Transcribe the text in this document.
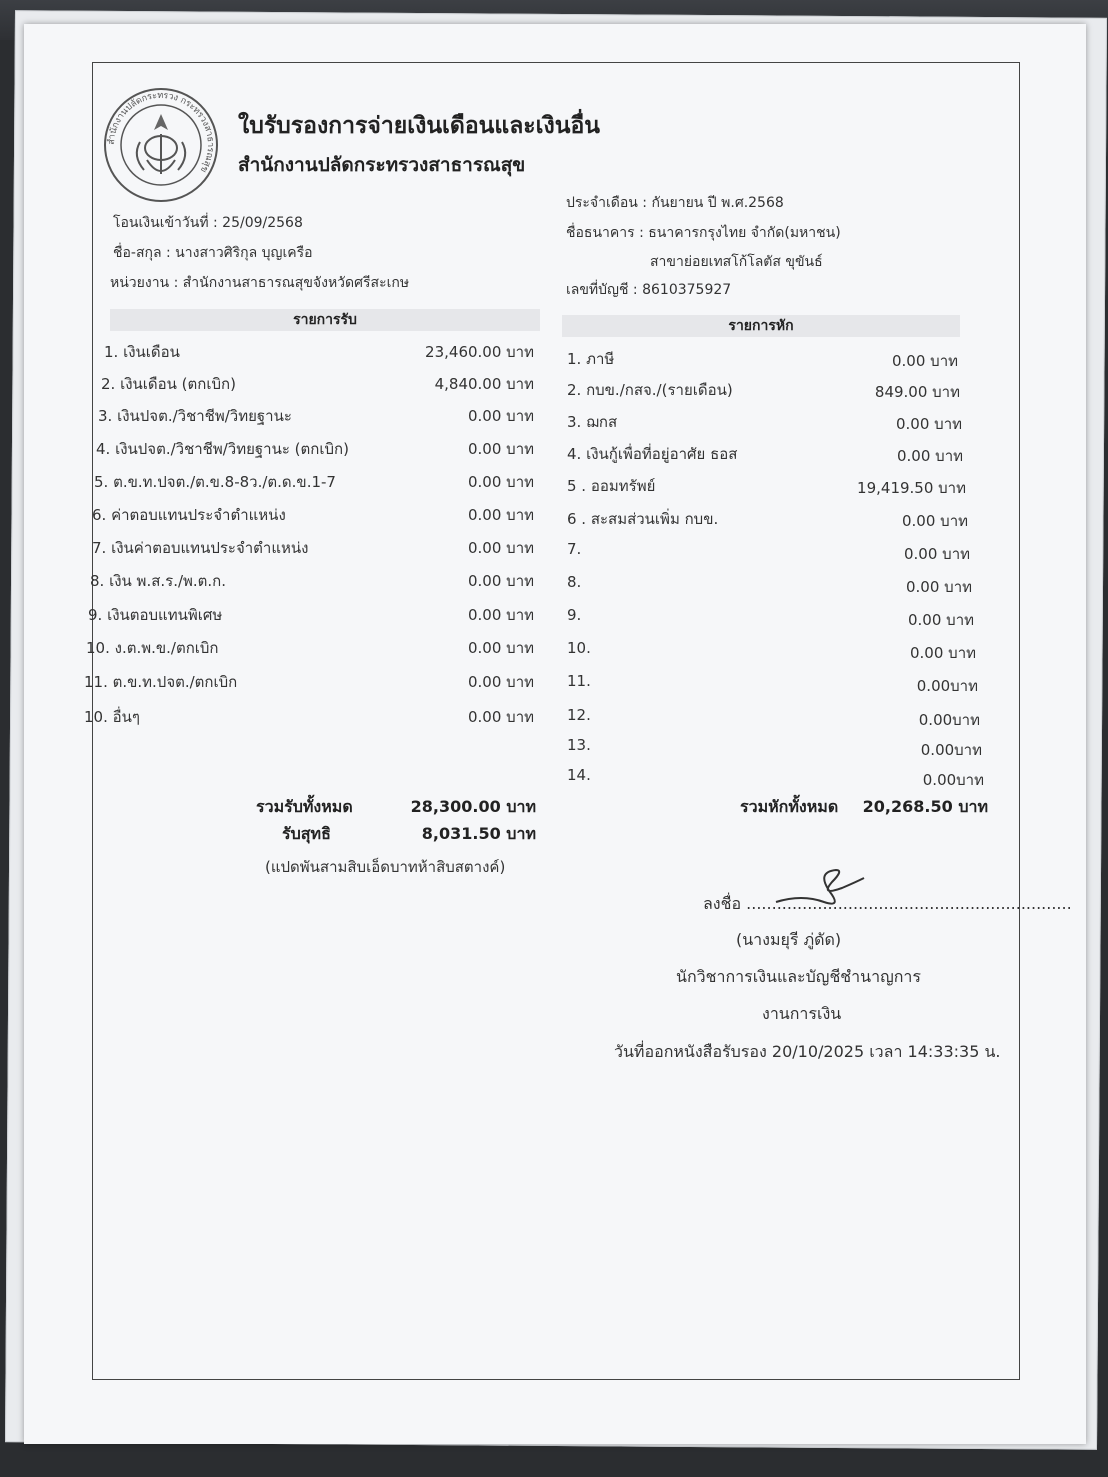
สำนักงานปลัดกระทรวง กระทรวงสาธารณสุข
ใบรับรองการจ่ายเงินเดือนและเงินอื่น
สำนักงานปลัดกระทรวงสาธารณสุข
โอนเงินเข้าวันที่ : 25/09/2568
ชื่อ-สกุล : นางสาวศิริกุล บุญเครือ
หน่วยงาน : สำนักงานสาธารณสุขจังหวัดศรีสะเกษ
ประจำเดือน : กันยายน ปี พ.ศ.2568
ชื่อธนาคาร : ธนาคารกรุงไทย จำกัด(มหาชน)
สาขาย่อยเทสโก้โลตัส ขุขันธ์
เลขที่บัญชี : 8610375927
รายการรับ	รายการหัก
1. เงินเดือน	23,460.00 บาท
2. เงินเดือน (ตกเบิก)	4,840.00 บาท
3. เงินปจต./วิชาชีพ/วิทยฐานะ	0.00 บาท
4. เงินปจต./วิชาชีพ/วิทยฐานะ (ตกเบิก)	0.00 บาท
5. ต.ข.ท.ปจต./ต.ข.8-8ว./ต.ด.ข.1-7	0.00 บาท
6. ค่าตอบแทนประจำตำแหน่ง	0.00 บาท
7. เงินค่าตอบแทนประจำตำแหน่ง	0.00 บาท
8. เงิน พ.ส.ร./พ.ต.ก.	0.00 บาท
9. เงินตอบแทนพิเศษ	0.00 บาท
10. ง.ต.พ.ข./ตกเบิก	0.00 บาท
11. ต.ข.ท.ปจต./ตกเบิก	0.00 บาท
10. อื่นๆ	0.00 บาท
1. ภาษี	0.00 บาท
2. กบข./กสจ./(รายเดือน)	849.00 บาท
3. ฌกส	0.00 บาท
4. เงินกู้เพื่อที่อยู่อาศัย ธอส	0.00 บาท
5 . ออมทรัพย์	19,419.50 บาท
6 . สะสมส่วนเพิ่ม กบข.	0.00 บาท
7.	0.00 บาท
8.	0.00 บาท
9.	0.00 บาท
10.	0.00 บาท
11.	0.00บาท
12.	0.00บาท
13.	0.00บาท
14.	0.00บาท
รวมรับทั้งหมด	28,300.00 บาท
รับสุทธิ	8,031.50 บาท
(แปดพันสามสิบเอ็ดบาทห้าสิบสตางค์)
รวมหักทั้งหมด	20,268.50 บาท
ลงชื่อ ................................................................
(นางมยุรี ภู่ดัด)
นักวิชาการเงินและบัญชีชำนาญการ
งานการเงิน
วันที่ออกหนังสือรับรอง 20/10/2025 เวลา 14:33:35 น.
